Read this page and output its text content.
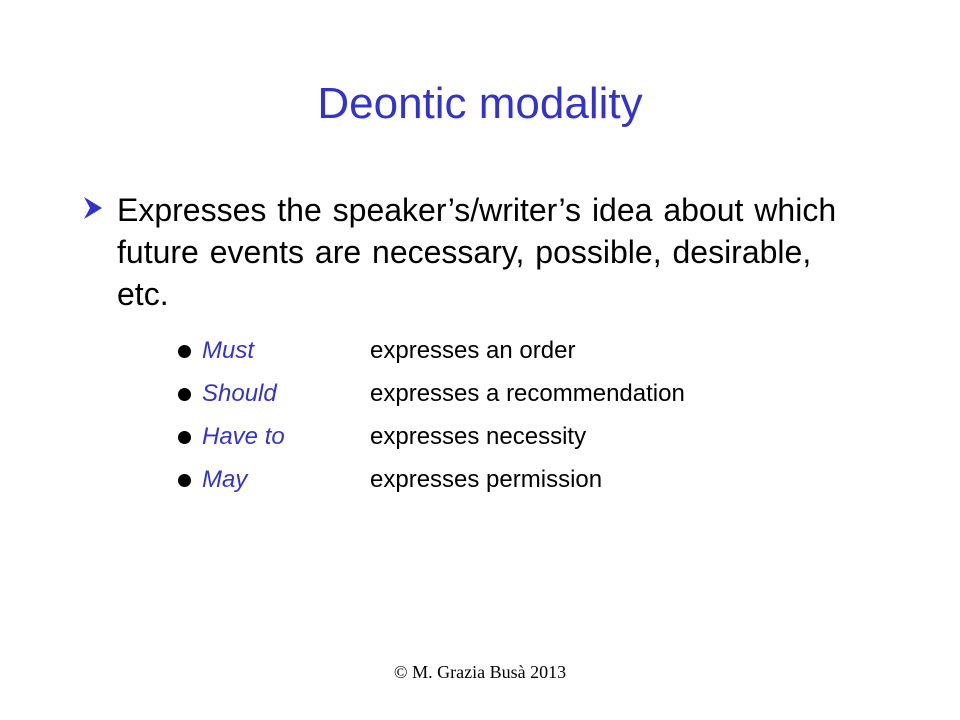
Deontic modality
Expresses the speaker’s/writer’s idea about which future events are necessary, possible, desirable, etc.
Must	expresses an order
Should	expresses a recommendation
Have to	expresses necessity
May	expresses permission
© M. Grazia Busà 2013
